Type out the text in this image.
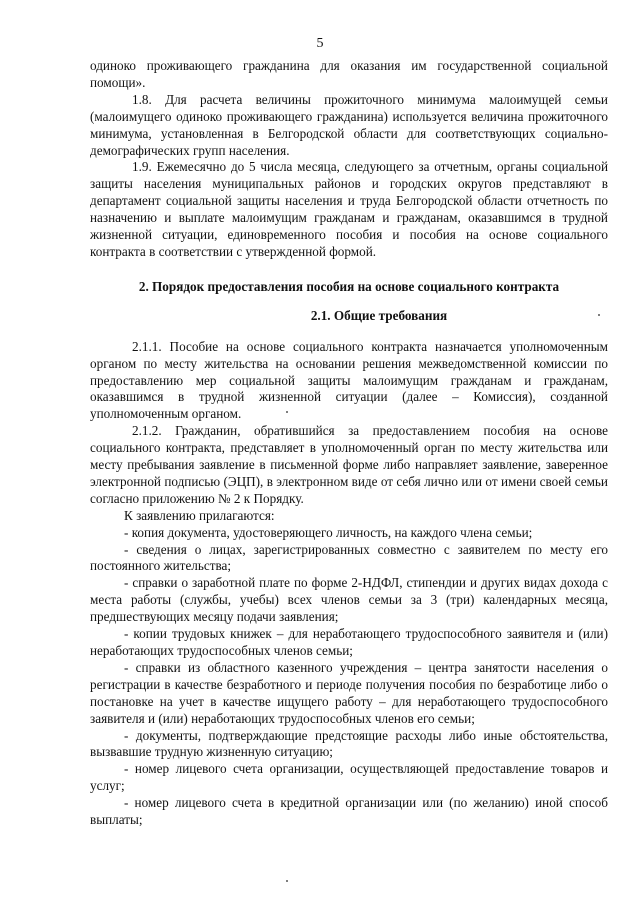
5

одиноко проживающего гражданина для оказания им государственной социальной помощи».

1.8. Для расчета величины прожиточного минимума малоимущей семьи (малоимущего одиноко проживающего гражданина) используется величина прожиточного минимума, установленная в Белгородской области для соответствующих социально-демографических групп населения.

1.9. Ежемесячно до 5 числа месяца, следующего за отчетным, органы социальной защиты населения муниципальных районов и городских округов представляют в департамент социальной защиты населения и труда Белгородской области отчетность по назначению и выплате малоимущим гражданам и гражданам, оказавшимся в трудной жизненной ситуации, единовременного пособия и пособия на основе социального контракта в соответствии с утвержденной формой.

2. Порядок предоставления пособия на основе социального контракта

2.1. Общие требования

2.1.1. Пособие на основе социального контракта назначается уполномоченным органом по месту жительства на основании решения межведомственной комиссии по предоставлению мер социальной защиты малоимущим гражданам и гражданам, оказавшимся в трудной жизненной ситуации (далее – Комиссия), созданной уполномоченным органом.

2.1.2. Гражданин, обратившийся за предоставлением пособия на основе социального контракта, представляет в уполномоченный орган по месту жительства или месту пребывания заявление в письменной форме либо направляет заявление, заверенное электронной подписью (ЭЦП), в электронном виде от себя лично или от имени своей семьи согласно приложению № 2 к Порядку.

К заявлению прилагаются:

- копия документа, удостоверяющего личность, на каждого члена семьи;

- сведения о лицах, зарегистрированных совместно с заявителем по месту его постоянного жительства;

- справки о заработной плате по форме 2-НДФЛ, стипендии и других видах дохода с места работы (службы, учебы) всех членов семьи за 3 (три) календарных месяца, предшествующих месяцу подачи заявления;

- копии трудовых книжек – для неработающего трудоспособного заявителя и (или) неработающих трудоспособных членов семьи;

- справки из областного казенного учреждения – центра занятости населения о регистрации в качестве безработного и периоде получения пособия по безработице либо о постановке на учет в качестве ищущего работу – для неработающего трудоспособного заявителя и (или) неработающих трудоспособных членов его семьи;

- документы, подтверждающие предстоящие расходы либо иные обстоятельства, вызвавшие трудную жизненную ситуацию;

- номер лицевого счета организации, осуществляющей предоставление товаров и услуг;

- номер лицевого счета в кредитной организации или (по желанию) иной способ выплаты;
